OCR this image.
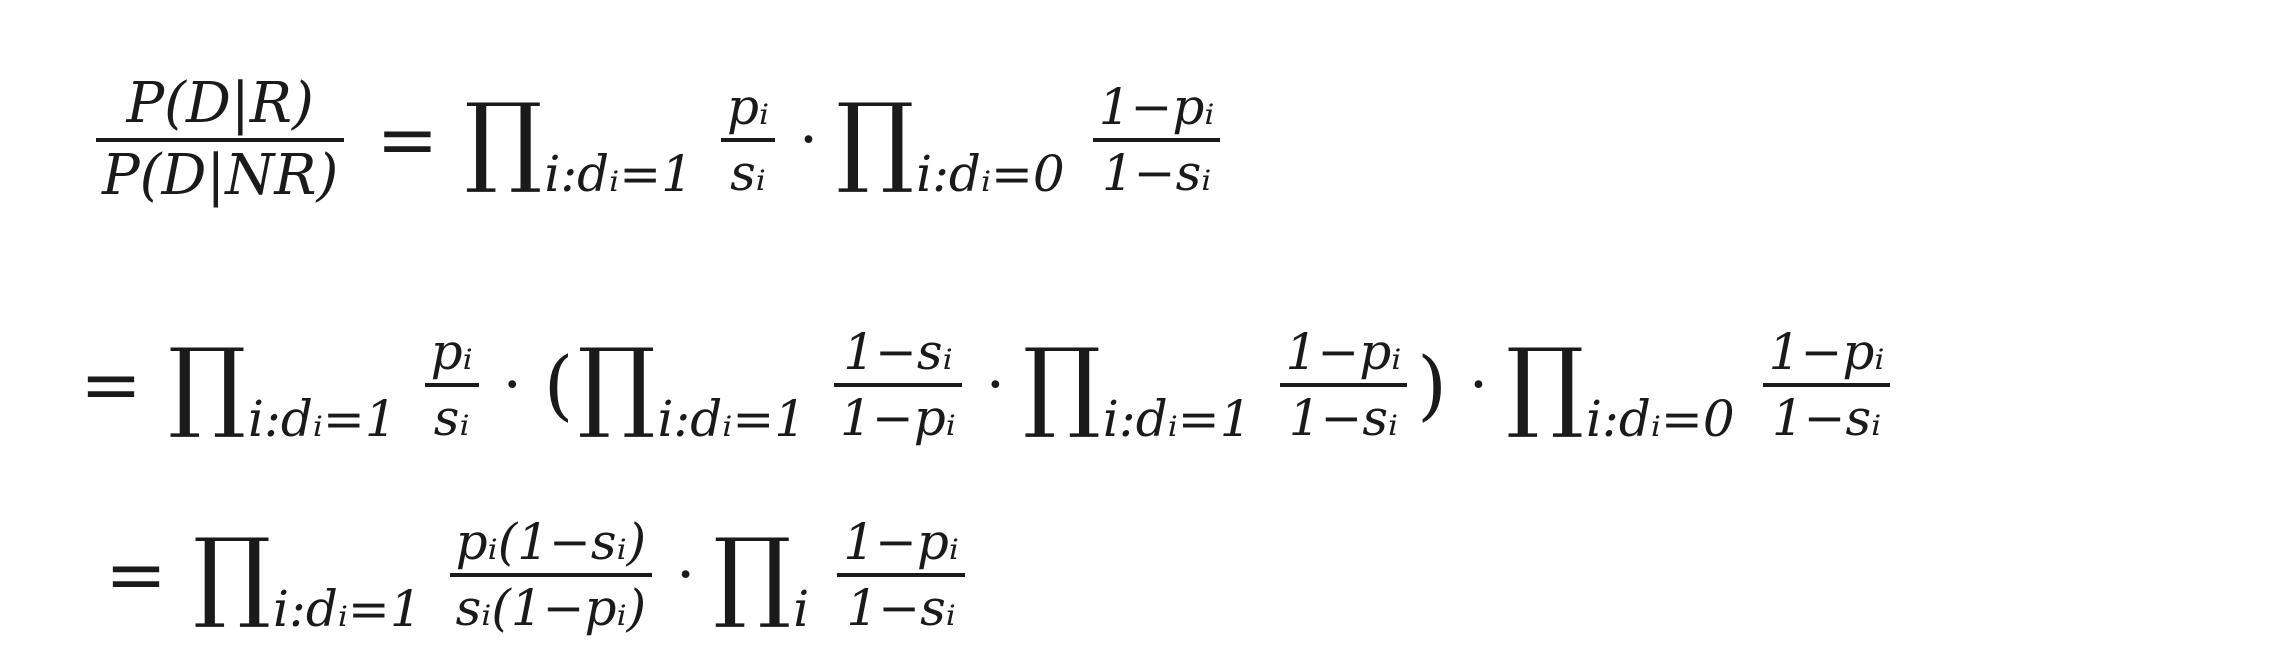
$\frac{P(D|R)}{P(D|NR)}$ = ∏ i:dᵢ=1 $\frac{\text{pᵢ}}{\text{sᵢ}}$ · ∏ i:dᵢ=0 $\frac{\text{1−pᵢ}}{\text{1−sᵢ}}$
= ∏ i:dᵢ=1 $\frac{\text{pᵢ}}{\text{sᵢ}}$ · ( ∏ i:dᵢ=1 $\frac{\text{1−sᵢ}}{\text{1−pᵢ}}$ · ∏ i:dᵢ=1 $\frac{\text{1−pᵢ}}{\text{1−sᵢ}}$ ) · ∏ i:dᵢ=0 $\frac{\text{1−pᵢ}}{\text{1−sᵢ}}$
= ∏ i:dᵢ=1 $\frac{\text{pᵢ(1−sᵢ)}}{\text{sᵢ(1−pᵢ)}}$ · ∏ i $\frac{\text{1−pᵢ}}{\text{1−sᵢ}}$
